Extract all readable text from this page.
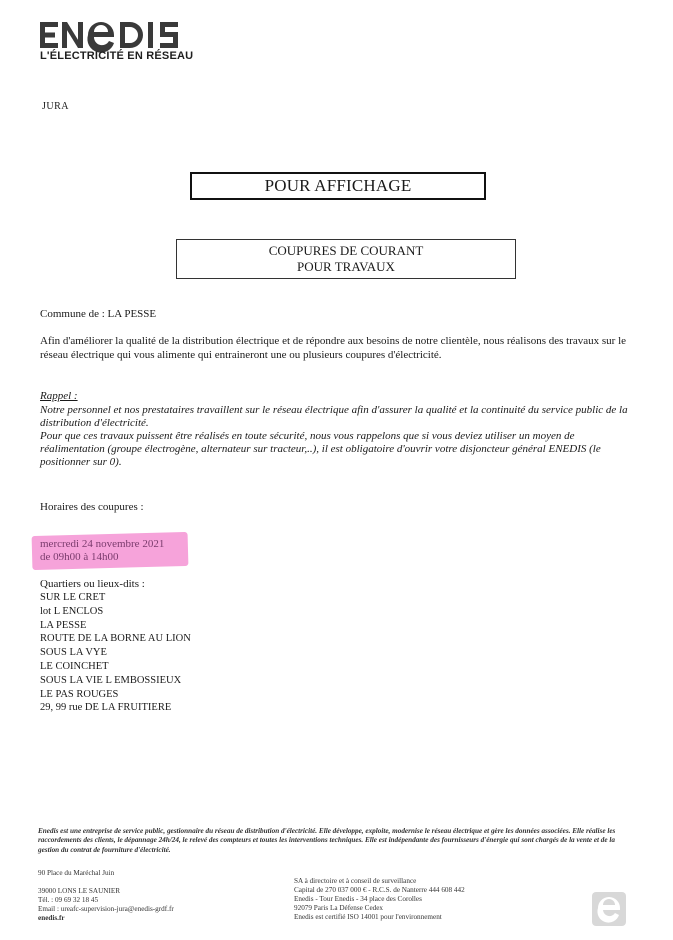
L'ÉLECTRICITÉ EN RÉSEAU
JURA
POUR AFFICHAGE
COUPURES DE COURANT
POUR TRAVAUX
Commune de : LA PESSE
Afin d'améliorer la qualité de la distribution électrique et de répondre aux besoins de notre clientèle, nous réalisons des travaux sur le réseau électrique qui vous alimente qui entraineront une ou plusieurs coupures d'électricité.
Rappel :

Notre personnel et nos prestataires travaillent sur le réseau électrique afin d'assurer la qualité et la continuité du service public de la distribution d'électricité.

Pour que ces travaux puissent être réalisés en toute sécurité, nous vous rappelons que si vous deviez utiliser un moyen de réalimentation (groupe électrogène, alternateur sur tracteur,..), il est obligatoire d'ouvrir votre disjoncteur général ENEDIS (le positionner sur 0).

Horaires des coupures :
mercredi 24 novembre 2021
de 09h00 à 14h00
Quartiers ou lieux-dits :
SUR LE CRET
lot L ENCLOS
LA PESSE
ROUTE DE LA BORNE AU LION
SOUS LA VYE
LE COINCHET
SOUS LA VIE L EMBOSSIEUX
LE PAS ROUGES
29, 99 rue DE LA FRUITIERE

Enedis est une entreprise de service public, gestionnaire du réseau de distribution d'électricité. Elle développe, exploite, modernise le réseau électrique et gère les données associées. Elle réalise les raccordements des clients, le dépannage 24h/24, le relevé des compteurs et toutes les interventions techniques. Elle est indépendante des fournisseurs d'énergie qui sont chargés de la vente et de la gestion du contrat de fourniture d'électricité.

90 Place du Maréchal Juin
39000 LONS LE SAUNIER
Tél. : 09 69 32 18 45
Email : ureafc-supervision-jura@enedis-grdf.fr
enedis.fr
SA à directoire et à conseil de surveillance
Capital de 270 037 000 € - R.C.S. de Nanterre 444 608 442
Enedis - Tour Enedis - 34 place des Corolles
92079 Paris La Défense Cedex
Enedis est certifié ISO 14001 pour l'environnement
